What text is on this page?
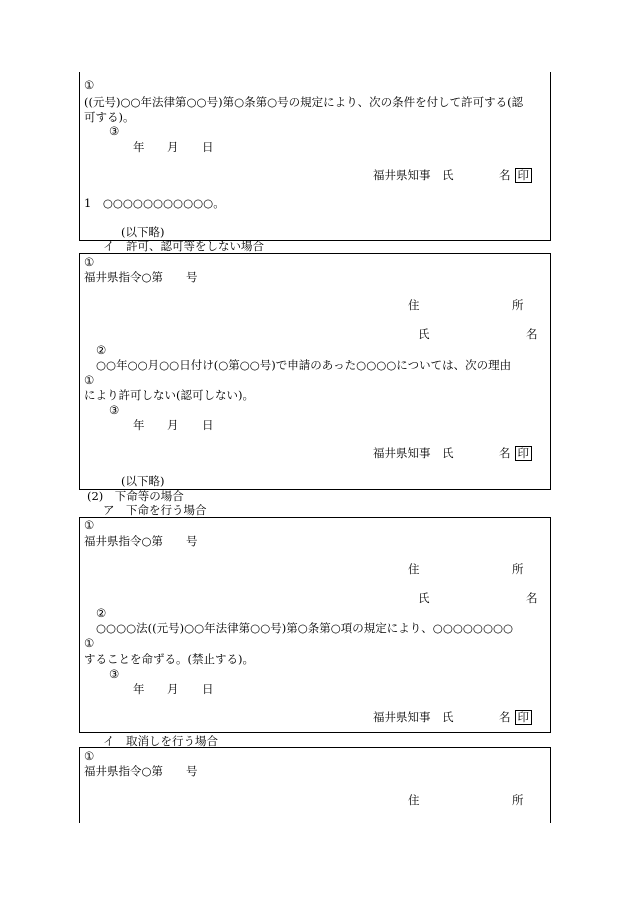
①
((元号)○○年法律第○○号)第○条第○号の規定により、次の条件を付して許可する(認
可する)。
③
年 月 日
福井県知事　氏	名 印
1　○○○○○○○○○○○。
(以下略)
イ　許可、認可等をしない場合
①
福井県指令○第　　号
住	所
氏	名
②
○○年○○月○○日付け(○第○○号)で申請のあった○○○○については、次の理由
①
により許可しない(認可しない)。
③
年 月 日
福井県知事　氏	名 印
(以下略)
(2)　下命等の場合
ア　下命を行う場合
①
福井県指令○第　　号
住	所
氏	名
②
○○○○法((元号)○○年法律第○○号)第○条第○項の規定により、○○○○○○○○
①
することを命ずる。(禁止する)。
③
年 月 日
福井県知事　氏	名 印
イ　取消しを行う場合
①
福井県指令○第　　号
住	所
